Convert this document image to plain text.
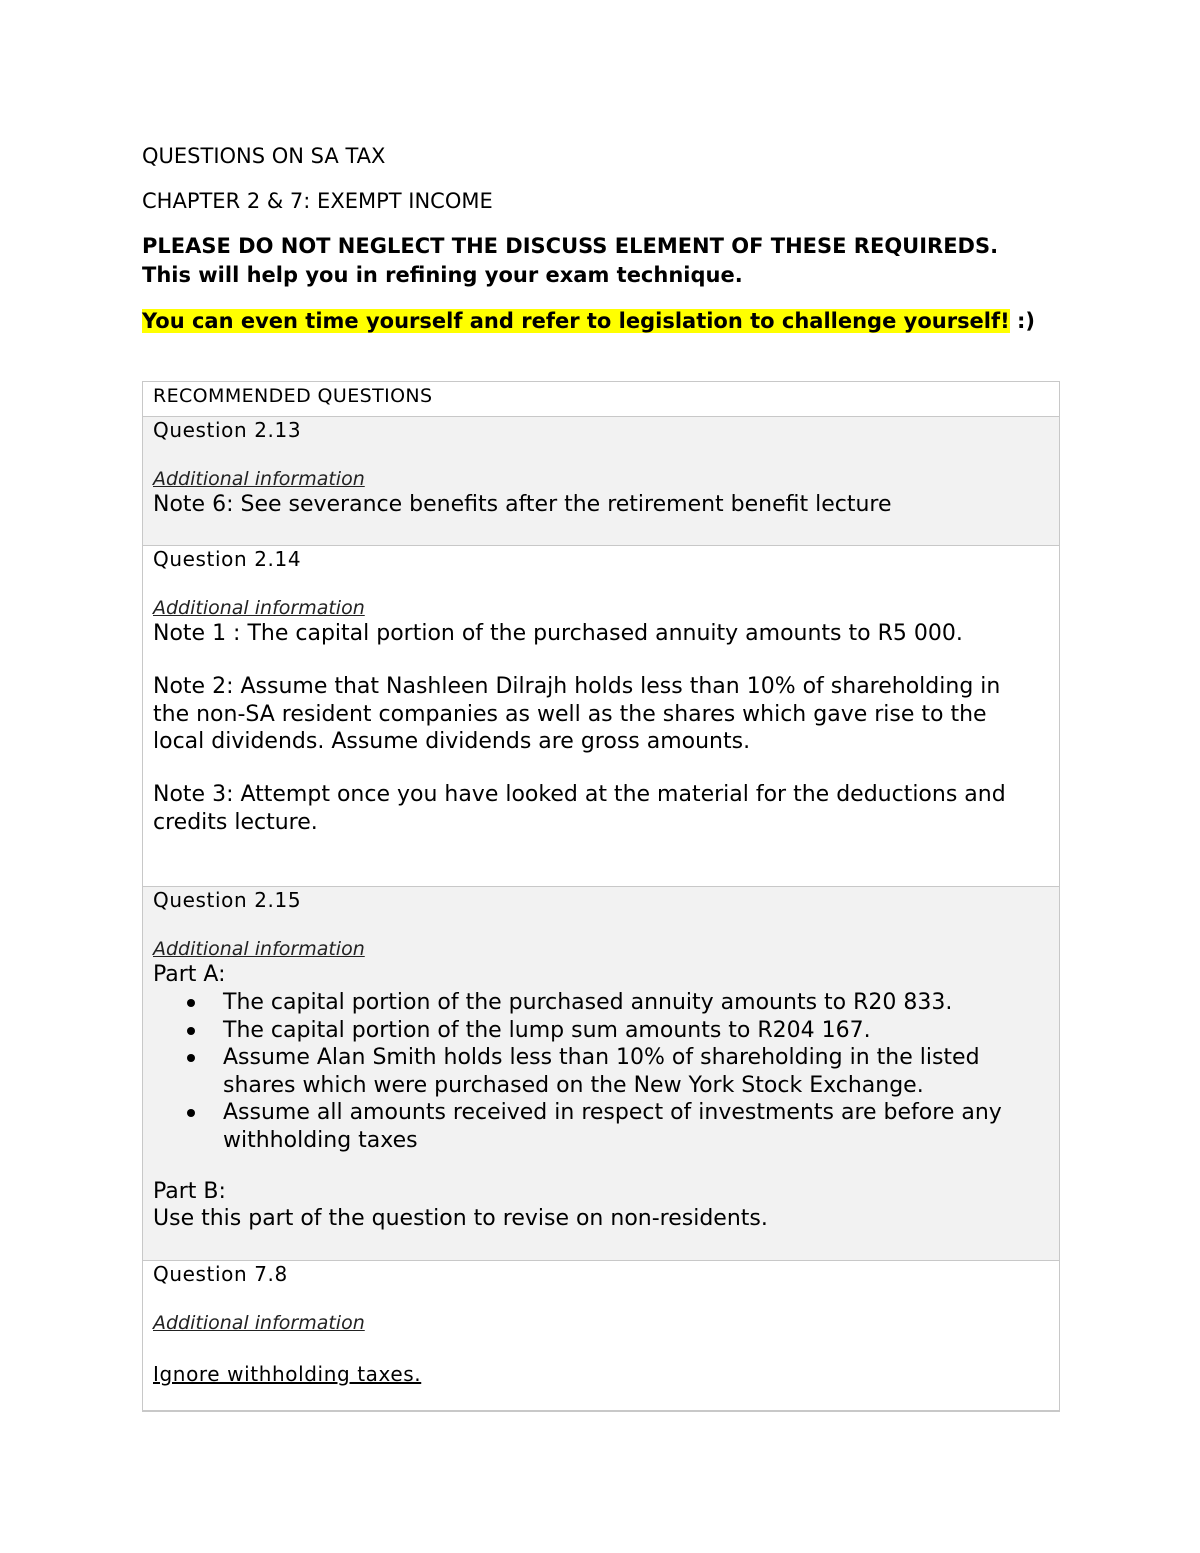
QUESTIONS ON SA TAX
CHAPTER 2 & 7: EXEMPT INCOME
PLEASE DO NOT NEGLECT THE DISCUSS ELEMENT OF THESE REQUIREDS. This will help you in refining your exam technique.
You can even time yourself and refer to legislation to challenge yourself! :)
RECOMMENDED QUESTIONS
Question 2.13
Additional information
Note 6: See severance benefits after the retirement benefit lecture
Question 2.14
Additional information
Note 1 : The capital portion of the purchased annuity amounts to R5 000.
Note 2: Assume that Nashleen Dilrajh holds less than 10% of shareholding in the non-SA resident companies as well as the shares which gave rise to the local dividends. Assume dividends are gross amounts.
Note 3: Attempt once you have looked at the material for the deductions and credits lecture.
Question 2.15
Additional information
Part A:
The capital portion of the purchased annuity amounts to R20 833.
The capital portion of the lump sum amounts to R204 167.
Assume Alan Smith holds less than 10% of shareholding in the listed shares which were purchased on the New York Stock Exchange.
Assume all amounts received in respect of investments are before any withholding taxes
Part B:
Use this part of the question to revise on non-residents.
Question 7.8
Additional information
Ignore withholding taxes.
